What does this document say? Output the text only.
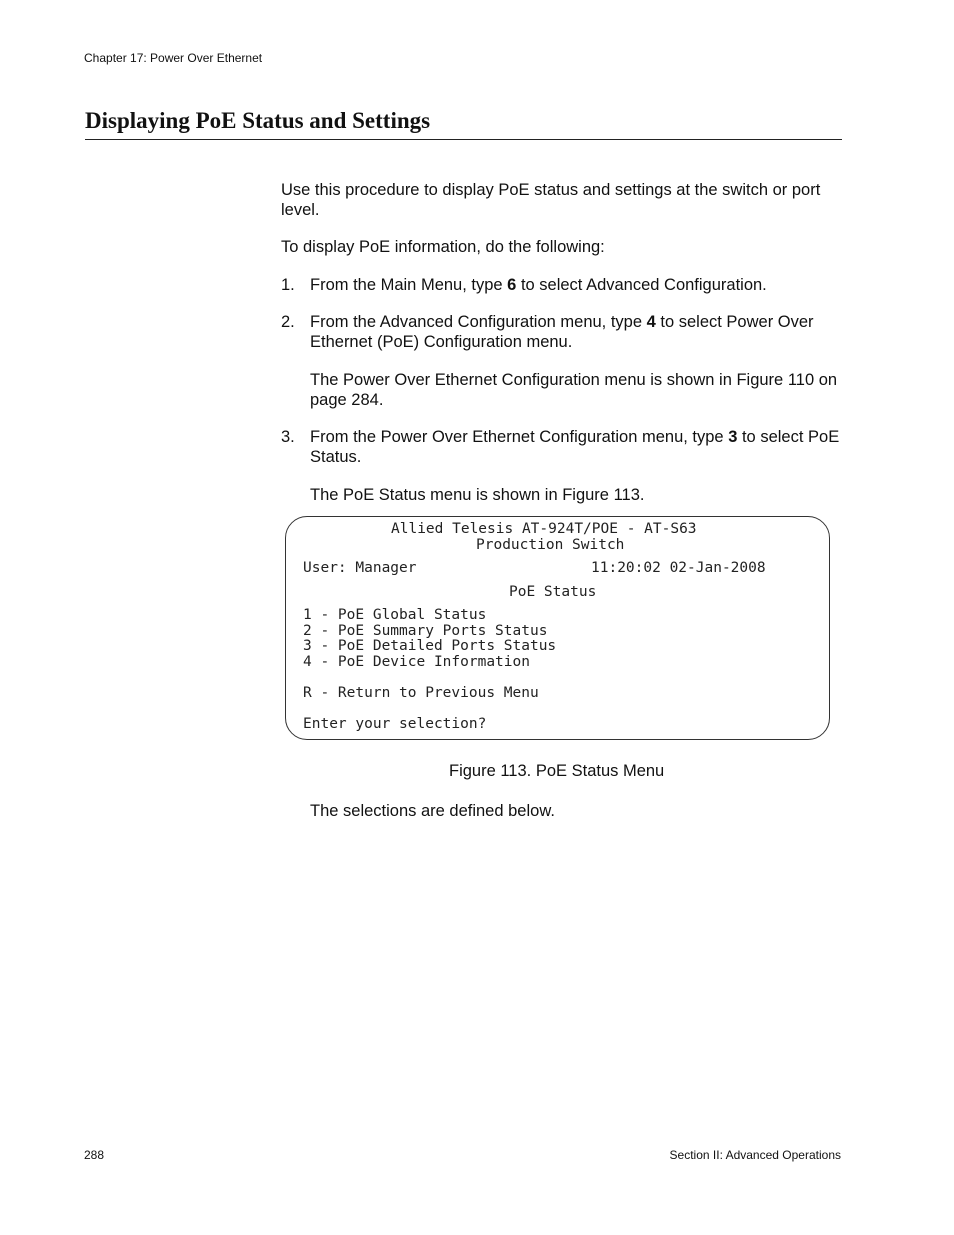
Chapter 17: Power Over Ethernet
Displaying PoE Status and Settings
Use this procedure to display PoE status and settings at the switch or port level.
To display PoE information, do the following:
1. From the Main Menu, type 6 to select Advanced Configuration.
2. From the Advanced Configuration menu, type 4 to select Power Over Ethernet (PoE) Configuration menu.
The Power Over Ethernet Configuration menu is shown in Figure 110 on page 284.
3. From the Power Over Ethernet Configuration menu, type 3 to select PoE Status.
The PoE Status menu is shown in Figure 113.
Allied Telesis AT-924T/POE - AT-S63
Production Switch
User: Manager	11:20:02 02-Jan-2008
PoE Status
1 - PoE Global Status
2 - PoE Summary Ports Status
3 - PoE Detailed Ports Status
4 - PoE Device Information
R - Return to Previous Menu
Enter your selection?
Figure 113. PoE Status Menu
The selections are defined below.
288	Section II: Advanced Operations
